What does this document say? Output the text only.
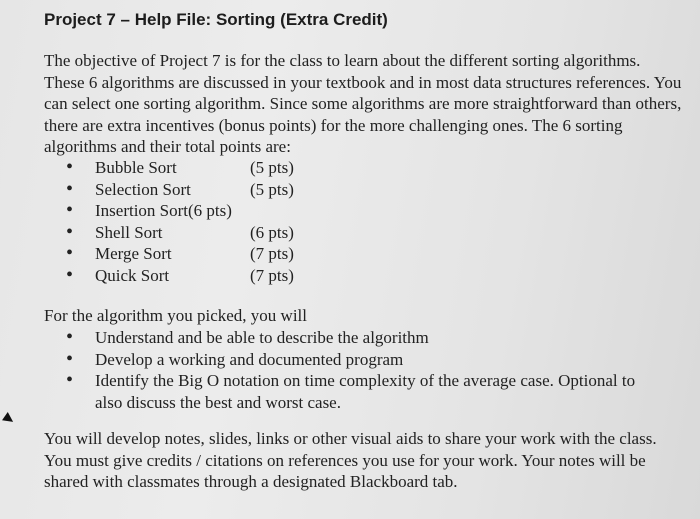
Project 7 – Help File: Sorting (Extra Credit)
The objective of Project 7 is for the class to learn about the different sorting algorithms. These 6 algorithms are discussed in your textbook and in most data structures references. You can select one sorting algorithm. Since some algorithms are more straightforward than others, there are extra incentives (bonus points) for the more challenging ones. The 6 sorting algorithms and their total points are:
• Bubble Sort	(5 pts)
• Selection Sort	(5 pts)
• Insertion Sort(6 pts)
• Shell Sort	(6 pts)
• Merge Sort	(7 pts)
• Quick Sort	(7 pts)
For the algorithm you picked, you will
• Understand and be able to describe the algorithm
• Develop a working and documented program
• Identify the Big O notation on time complexity of the average case. Optional to also discuss the best and worst case.
You will develop notes, slides, links or other visual aids to share your work with the class. You must give credits / citations on references you use for your work. Your notes will be shared with classmates through a designated Blackboard tab.
